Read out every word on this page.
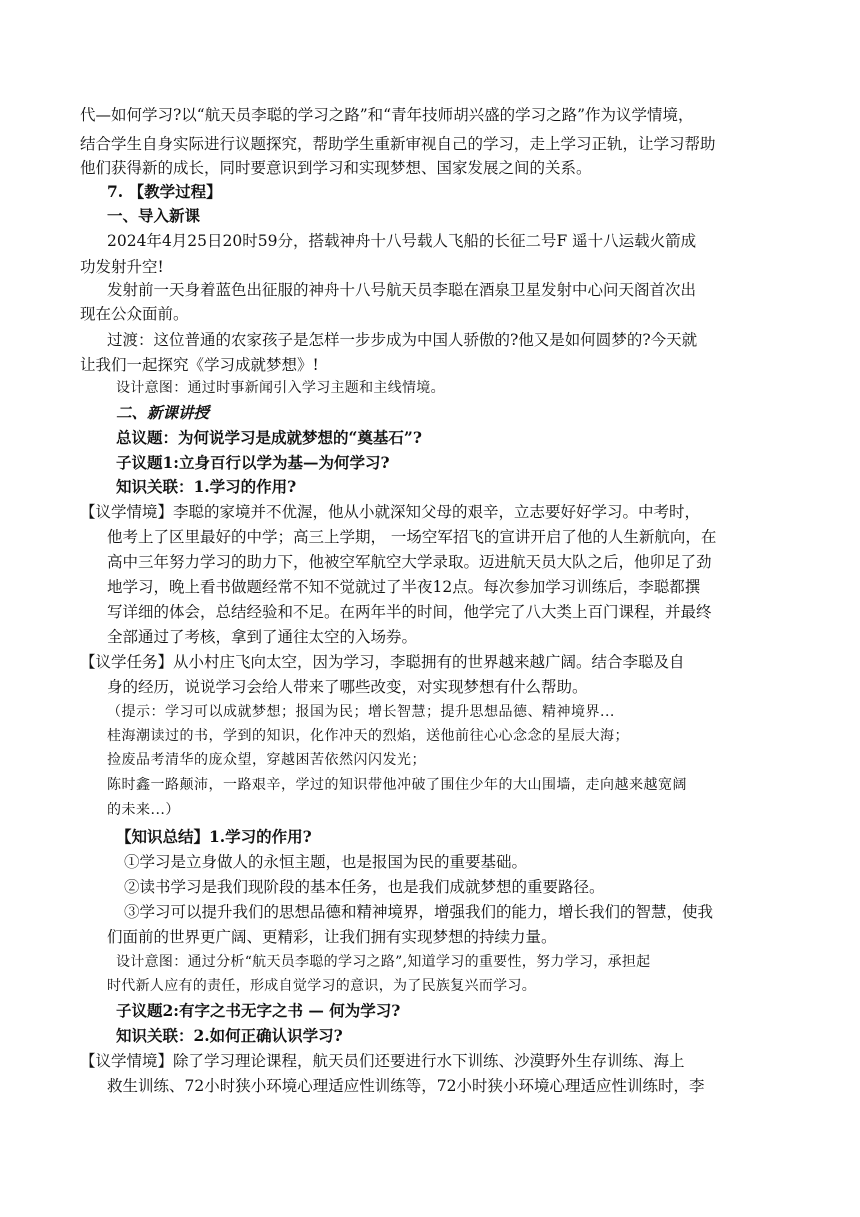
代—如何学习?以“航天员李聪的学习之路”和“青年技师胡兴盛的学习之路”作为议学情境，
结合学生自身实际进行议题探究，帮助学生重新审视自己的学习，走上学习正轨，让学习帮助
他们获得新的成长，同时要意识到学习和实现梦想、国家发展之间的关系。
7. 【教学过程】
一、导入新课
2024年4月25日20时59分，搭载神舟十八号载人飞船的长征二号F 遥十八运载火箭成
功发射升空!
发射前一天身着蓝色出征服的神舟十八号航天员李聪在酒泉卫星发射中心问天阁首次出
现在公众面前。
过渡：这位普通的农家孩子是怎样一步步成为中国人骄傲的?他又是如何圆梦的?今天就
让我们一起探究《学习成就梦想》!
设计意图：通过时事新闻引入学习主题和主线情境。
二、新课讲授
总议题：为何说学习是成就梦想的“奠基石”?
子议题1:立身百行以学为基—为何学习?
知识关联：1.学习的作用?
【议学情境】李聪的家境并不优渥，他从小就深知父母的艰辛，立志要好好学习。中考时，
他考上了区里最好的中学；高三上学期， 一场空军招飞的宣讲开启了他的人生新航向，在
高中三年努力学习的助力下，他被空军航空大学录取。迈进航天员大队之后，他卯足了劲
地学习，晚上看书做题经常不知不觉就过了半夜12点。每次参加学习训练后，李聪都撰
写详细的体会，总结经验和不足。在两年半的时间，他学完了八大类上百门课程，并最终
全部通过了考核，拿到了通往太空的入场券。
【议学任务】从小村庄飞向太空，因为学习，李聪拥有的世界越来越广阔。结合李聪及自
身的经历，说说学习会给人带来了哪些改变，对实现梦想有什么帮助。
（提示：学习可以成就梦想；报国为民；增长智慧；提升思想品德、精神境界...
桂海潮读过的书，学到的知识，化作冲天的烈焰，送他前往心心念念的星辰大海；
捡废品考清华的庞众望，穿越困苦依然闪闪发光；
陈时鑫一路颠沛，一路艰辛，学过的知识带他冲破了围住少年的大山围墙，走向越来越宽阔
的未来...）
【知识总结】1.学习的作用?
①学习是立身做人的永恒主题，也是报国为民的重要基础。
②读书学习是我们现阶段的基本任务，也是我们成就梦想的重要路径。
③学习可以提升我们的思想品德和精神境界，增强我们的能力，增长我们的智慧，使我
们面前的世界更广阔、更精彩，让我们拥有实现梦想的持续力量。
设计意图：通过分析“航天员李聪的学习之路”,知道学习的重要性，努力学习，承担起
时代新人应有的责任，形成自觉学习的意识，为了民族复兴而学习。
子议题2:有字之书无字之书 — 何为学习?
知识关联：2.如何正确认识学习?
【议学情境】除了学习理论课程，航天员们还要进行水下训练、沙漠野外生存训练、海上
救生训练、72小时狭小环境心理适应性训练等，72小时狭小环境心理适应性训练时，李
